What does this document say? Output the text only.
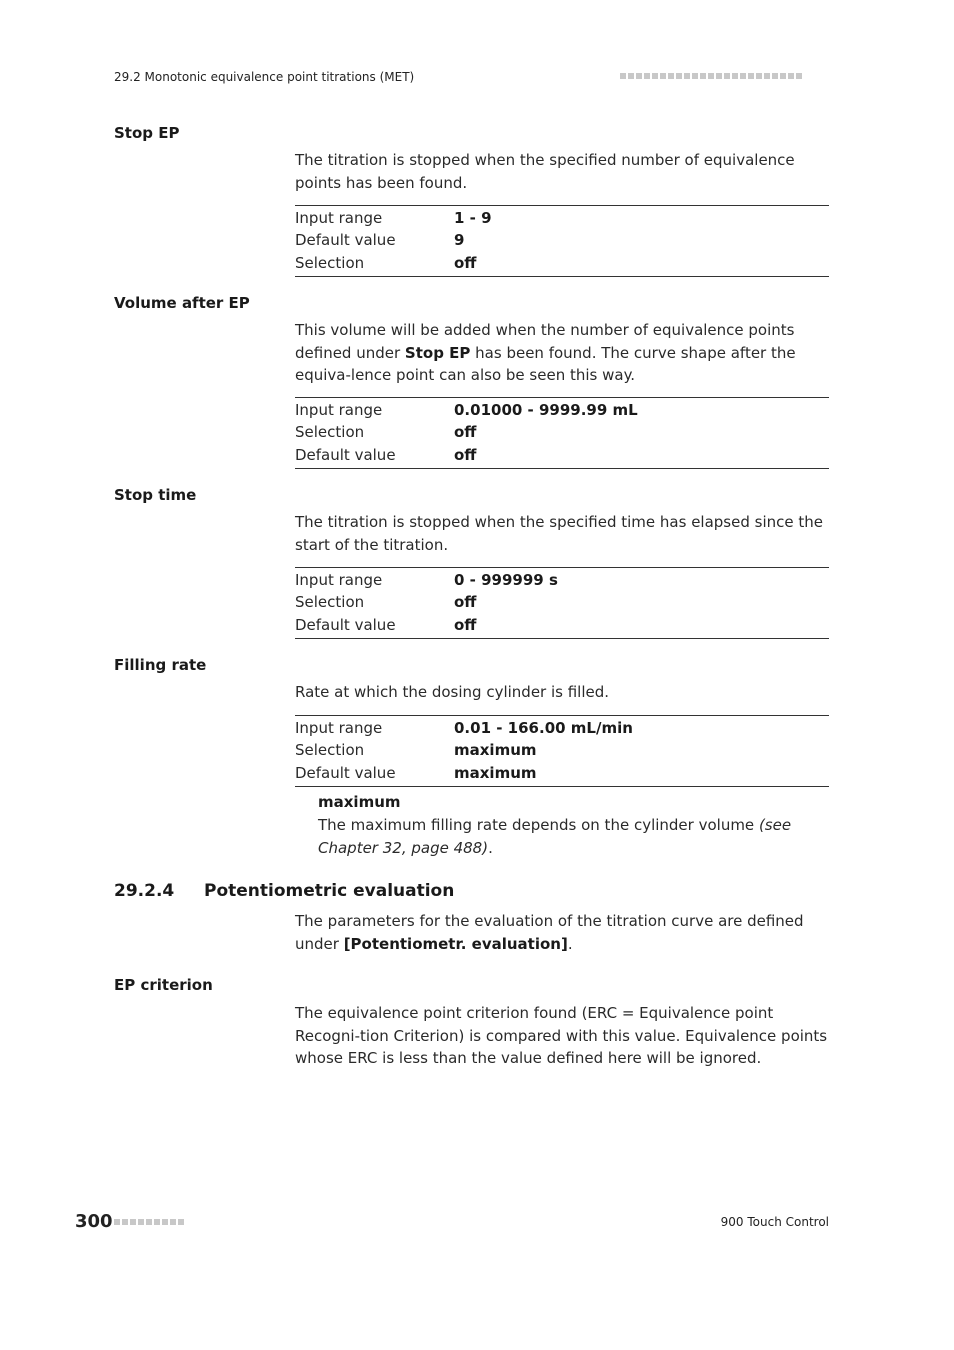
29.2 Monotonic equivalence point titrations (MET)
Stop EP
The titration is stopped when the specified number of equivalence points has been found.
Input range	1 - 9
Default value	9
Selection	off
Volume after EP
This volume will be added when the number of equivalence points defined under Stop EP has been found. The curve shape after the equiva-lence point can also be seen this way.
Input range	0.01000 - 9999.99 mL
Selection	off
Default value	off
Stop time
The titration is stopped when the specified time has elapsed since the start of the titration.
Input range	0 - 999999 s
Selection	off
Default value	off
Filling rate
Rate at which the dosing cylinder is filled.
Input range	0.01 - 166.00 mL/min
Selection	maximum
Default value	maximum
maximum
The maximum filling rate depends on the cylinder volume (see Chapter 32, page 488).
29.2.4 Potentiometric evaluation
The parameters for the evaluation of the titration curve are defined under [Potentiometr. evaluation].
EP criterion
The equivalence point criterion found (ERC = Equivalence point Recogni-tion Criterion) is compared with this value. Equivalence points whose ERC is less than the value defined here will be ignored.
300	900 Touch Control
